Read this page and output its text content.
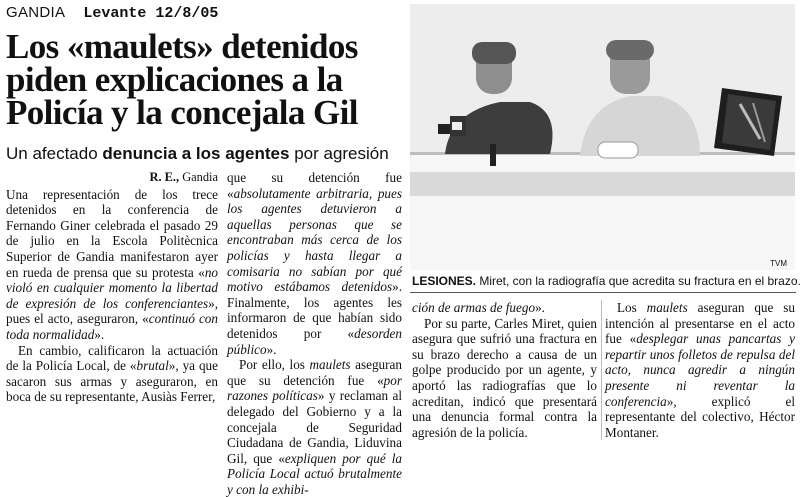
GANDIA Levante 12/8/05
Los «maulets» detenidos
piden explicaciones a la
Policía y la concejala Gil
Un afectado denuncia a los agentes por agresión
R. E., Gandia

Una representación de los trece detenidos en la conferencia de Fernando Giner celebrada el pasado 29 de julio en la Escola Politècnica Superior de Gandia manifestaron ayer en rueda de prensa que su protesta «no violó en cualquier momento la libertad de expresión de los conferenciantes», pues el acto, aseguraron, «continuó con toda normalidad».

En cambio, calificaron la actuación de la Policía Local, de «brutal», ya que sacaron sus armas y aseguraron, en boca de su representante, Ausiàs Ferrer,

que su detención fue «absolutamente arbitraria, pues los agentes detuvieron a aquellas personas que se encontraban más cerca de los policías y hasta llegar a comisaria no sabían por qué motivo estábamos detenidos». Finalmente, los agentes les informaron de que habían sido detenidos por «desorden público».

Por ello, los maulets aseguran que su detención fue «por razones políticas» y reclaman al delegado del Gobierno y a la concejala de Seguridad Ciudadana de Gandia, Liduvina Gil, que «expliquen por qué la Policía Local actuó brutalmente y con la exhibi-

TVM
LESIONES. Miret, con la radiografía que acredita su fractura en el brazo.

ción de armas de fuego».

Por su parte, Carles Miret, quien asegura que sufrió una fractura en su brazo derecho a causa de un golpe producido por un agente, y aportó las radiografías que lo acreditan, indicó que presentará una denuncia formal contra la agresión de la policía.

Los maulets aseguran que su intención al presentarse en el acto fue «desplegar unas pancartas y repartir unos folletos de repulsa del acto, nunca agredir a ningún presente ni reventar la conferencia», explicó el representante del colectivo, Héctor Montaner.
